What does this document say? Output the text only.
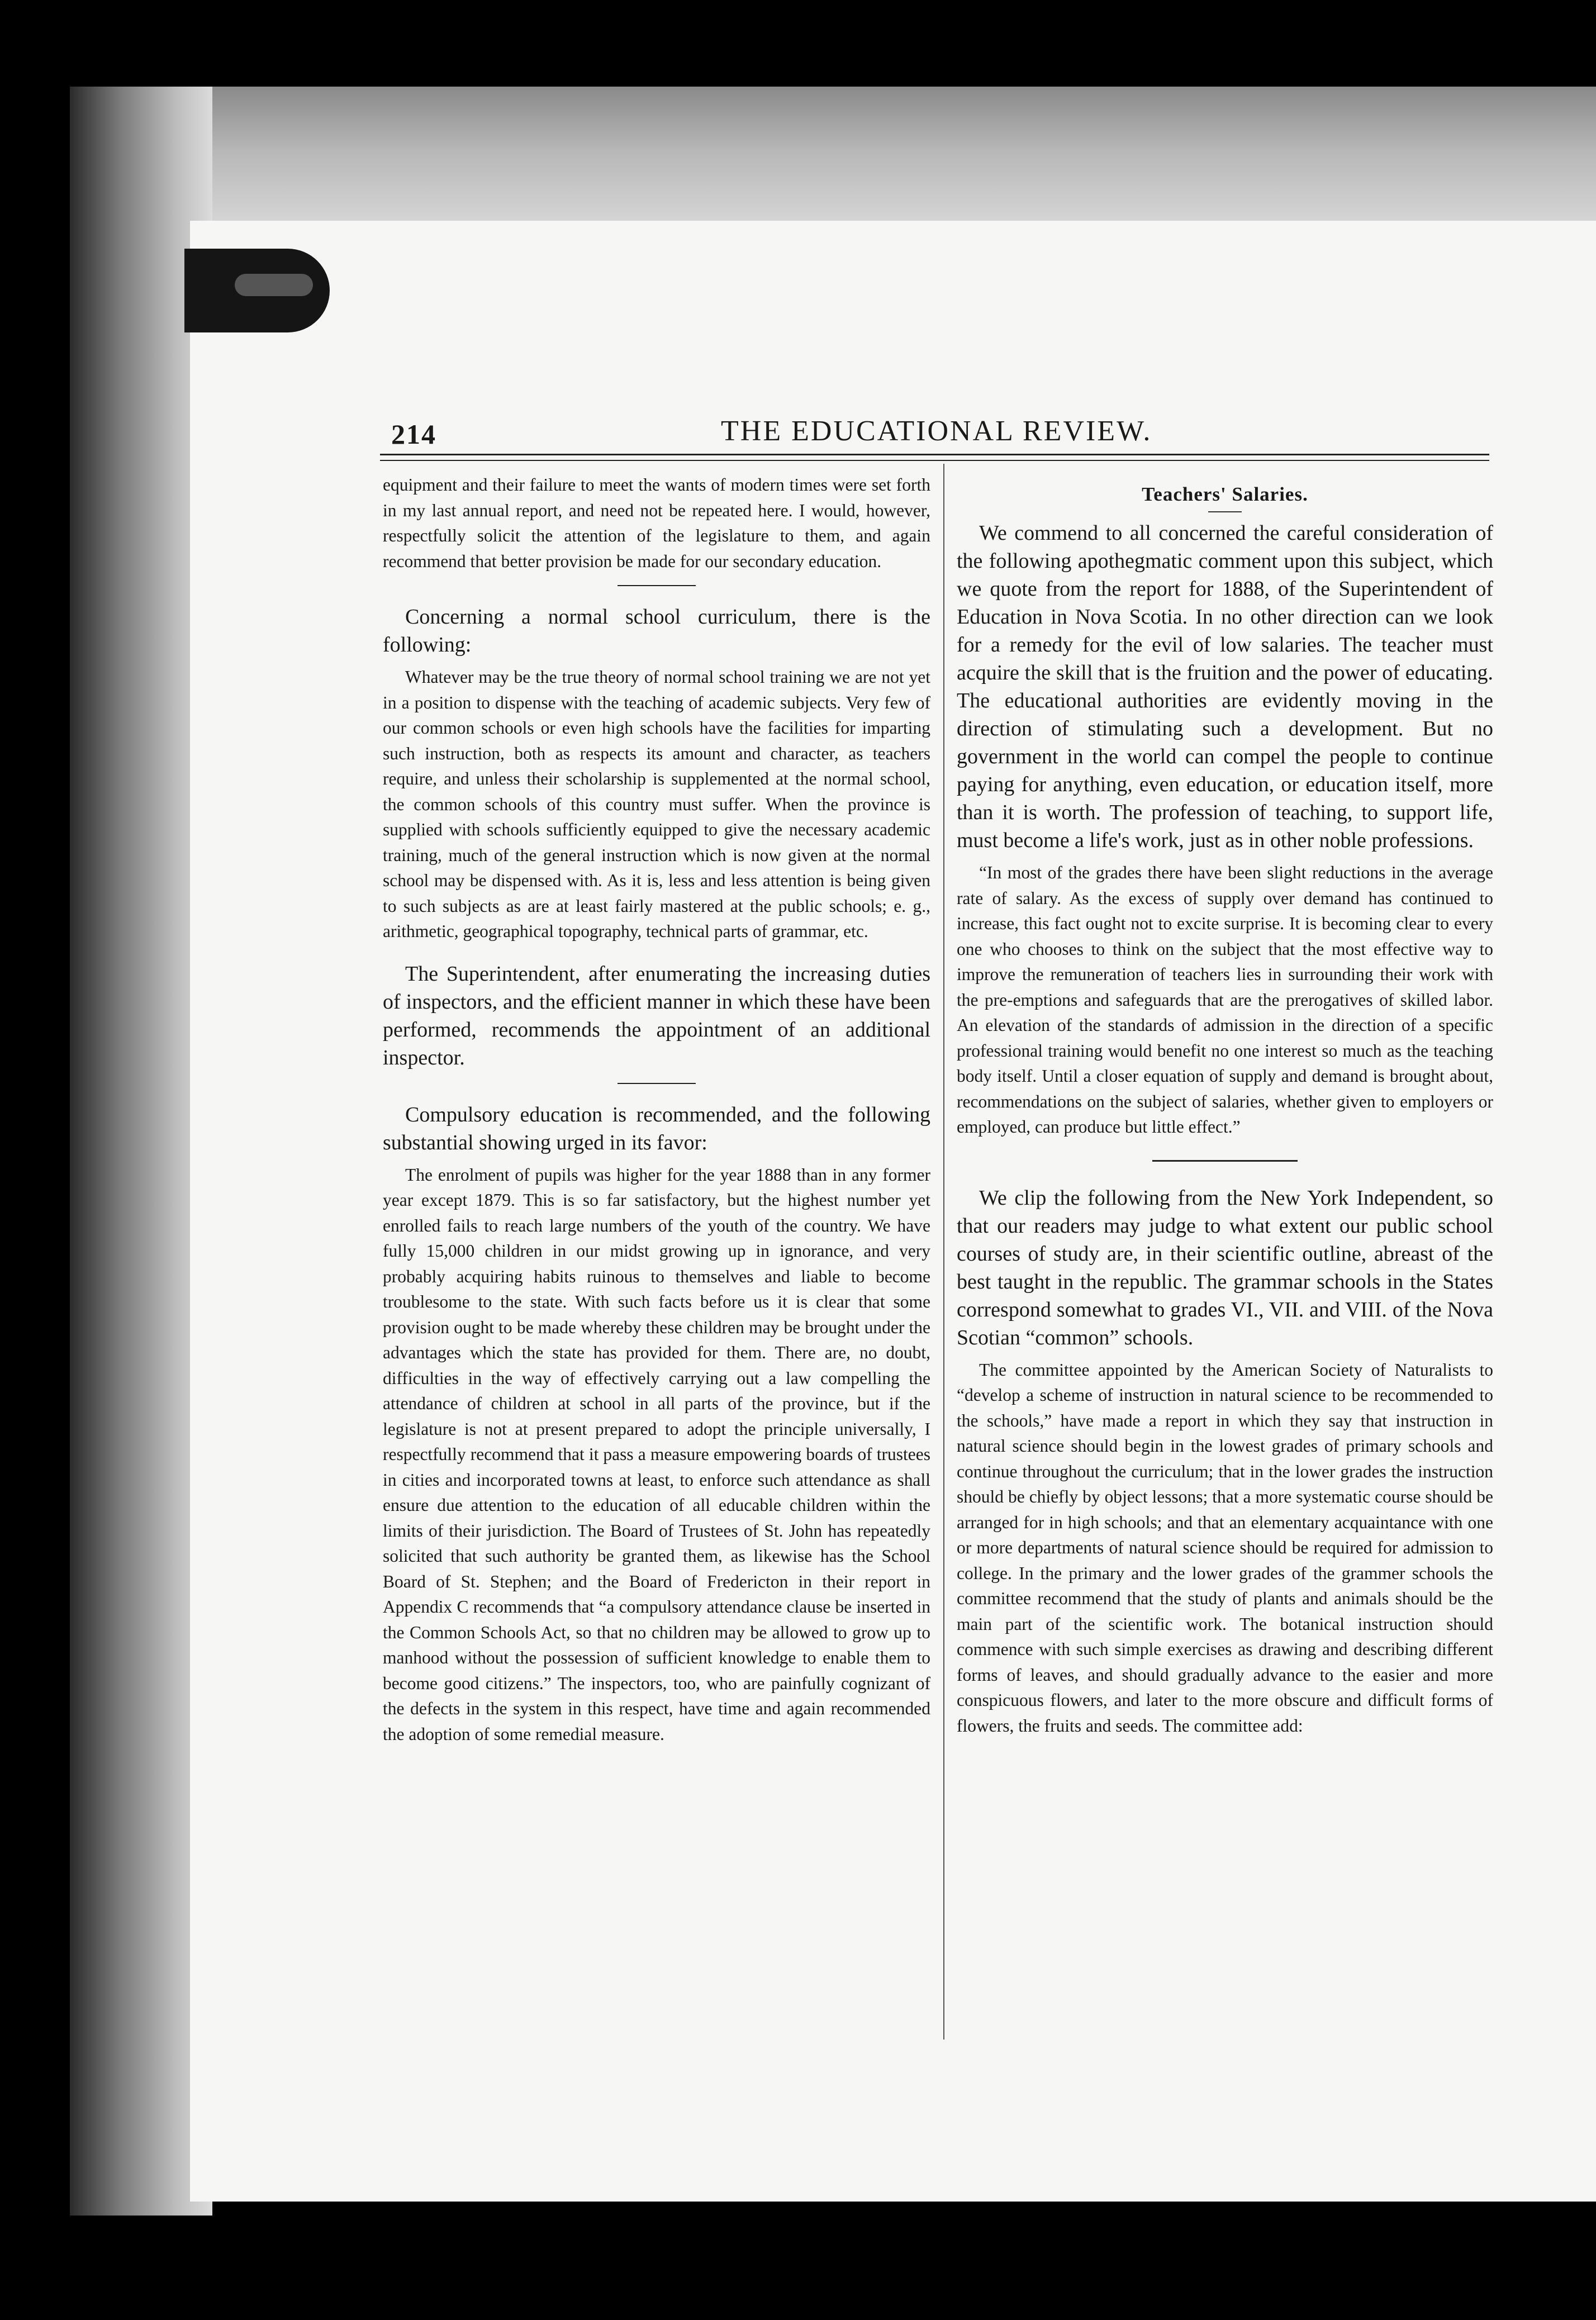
214	THE EDUCATIONAL REVIEW.

equipment and their failure to meet the wants of modern times were set forth in my last annual report, and need not be repeated here. I would, however, respectfully solicit the attention of the legislature to them, and again recommend that better provision be made for our secondary education.

Concerning a normal school curriculum, there is the following:

Whatever may be the true theory of normal school training we are not yet in a position to dispense with the teaching of academic subjects. Very few of our common schools or even high schools have the facilities for imparting such instruction, both as respects its amount and character, as teachers require, and unless their scholarship is supplemented at the normal school, the common schools of this country must suffer. When the province is supplied with schools sufficiently equipped to give the necessary academic training, much of the general instruction which is now given at the normal school may be dispensed with. As it is, less and less attention is being given to such subjects as are at least fairly mastered at the public schools; e. g., arithmetic, geographical topography, technical parts of grammar, etc.

The Superintendent, after enumerating the increasing duties of inspectors, and the efficient manner in which these have been performed, recommends the appointment of an additional inspector.

Compulsory education is recommended, and the following substantial showing urged in its favor:

The enrolment of pupils was higher for the year 1888 than in any former year except 1879. This is so far satisfactory, but the highest number yet enrolled fails to reach large numbers of the youth of the country. We have fully 15,000 children in our midst growing up in ignorance, and very probably acquiring habits ruinous to themselves and liable to become troublesome to the state. With such facts before us it is clear that some provision ought to be made whereby these children may be brought under the advantages which the state has provided for them. There are, no doubt, difficulties in the way of effectively carrying out a law compelling the attendance of children at school in all parts of the province, but if the legislature is not at present prepared to adopt the principle universally, I respectfully recommend that it pass a measure empowering boards of trustees in cities and incorporated towns at least, to enforce such attendance as shall ensure due attention to the education of all educable children within the limits of their jurisdiction. The Board of Trustees of St. John has repeatedly solicited that such authority be granted them, as likewise has the School Board of St. Stephen; and the Board of Fredericton in their report in Appendix C recommends that “a compulsory attendance clause be inserted in the Common Schools Act, so that no children may be allowed to grow up to manhood without the possession of sufficient knowledge to enable them to become good citizens.” The inspectors, too, who are painfully cognizant of the defects in the system in this respect, have time and again recommended the adoption of some remedial measure.

Teachers' Salaries.

We commend to all concerned the careful consideration of the following apothegmatic comment upon this subject, which we quote from the report for 1888, of the Superintendent of Education in Nova Scotia. In no other direction can we look for a remedy for the evil of low salaries. The teacher must acquire the skill that is the fruition and the power of educating. The educational authorities are evidently moving in the direction of stimulating such a development. But no government in the world can compel the people to continue paying for anything, even education, or education itself, more than it is worth. The profession of teaching, to support life, must become a life's work, just as in other noble professions.

“In most of the grades there have been slight reductions in the average rate of salary. As the excess of supply over demand has continued to increase, this fact ought not to excite surprise. It is becoming clear to every one who chooses to think on the subject that the most effective way to improve the remuneration of teachers lies in surrounding their work with the pre-emptions and safeguards that are the prerogatives of skilled labor. An elevation of the standards of admission in the direction of a specific professional training would benefit no one interest so much as the teaching body itself. Until a closer equation of supply and demand is brought about, recommendations on the subject of salaries, whether given to employers or employed, can produce but little effect.”

We clip the following from the New York Independent, so that our readers may judge to what extent our public school courses of study are, in their scientific outline, abreast of the best taught in the republic. The grammar schools in the States correspond somewhat to grades VI., VII. and VIII. of the Nova Scotian “common” schools.

The committee appointed by the American Society of Naturalists to “develop a scheme of instruction in natural science to be recommended to the schools,” have made a report in which they say that instruction in natural science should begin in the lowest grades of primary schools and continue throughout the curriculum; that in the lower grades the instruction should be chiefly by object lessons; that a more systematic course should be arranged for in high schools; and that an elementary acquaintance with one or more departments of natural science should be required for admission to college. In the primary and the lower grades of the grammer schools the committee recommend that the study of plants and animals should be the main part of the scientific work. The botanical instruction should commence with such simple exercises as drawing and describing different forms of leaves, and should gradually advance to the easier and more conspicuous flowers, and later to the more obscure and difficult forms of flowers, the fruits and seeds. The committee add:
